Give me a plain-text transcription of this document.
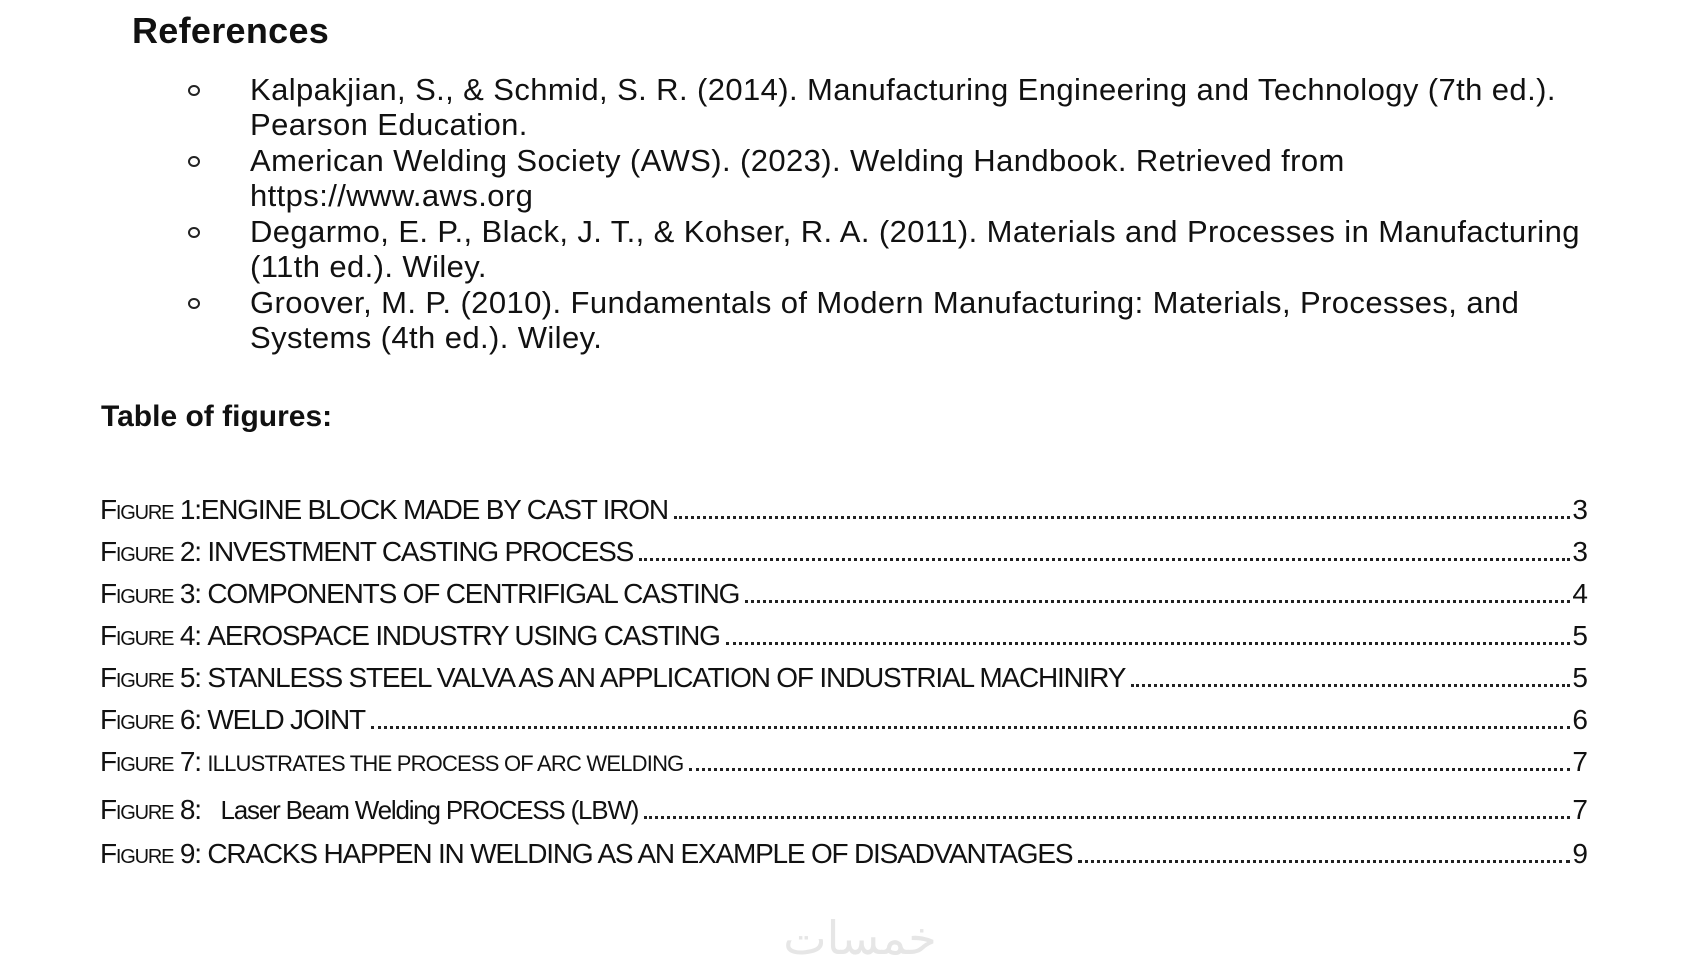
References
Kalpakjian, S., & Schmid, S. R. (2014). Manufacturing Engineering and Technology (7th ed.). Pearson Education.
American Welding Society (AWS). (2023). Welding Handbook. Retrieved from https://www.aws.org
Degarmo, E. P., Black, J. T., & Kohser, R. A. (2011). Materials and Processes in Manufacturing (11th ed.). Wiley.
Groover, M. P. (2010). Fundamentals of Modern Manufacturing: Materials, Processes, and Systems (4th ed.). Wiley.
Table of figures:
Figure 1:ENGINE BLOCK MADE BY CAST IRON	3
Figure 2: INVESTMENT CASTING PROCESS	3
Figure 3: COMPONENTS OF CENTRIFIGAL CASTING	4
Figure 4: AEROSPACE INDUSTRY USING CASTING	5
Figure 5: STANLESS STEEL VALVA AS AN APPLICATION OF INDUSTRIAL MACHINIRY	5
Figure 6: WELD JOINT	6
Figure 7: ILLUSTRATES THE PROCESS OF ARC WELDING	7
Figure 8: Laser Beam Welding PROCESS (LBW)	7
Figure 9: CRACKS HAPPEN IN WELDING AS AN EXAMPLE OF DISADVANTAGES	9
خمسات
